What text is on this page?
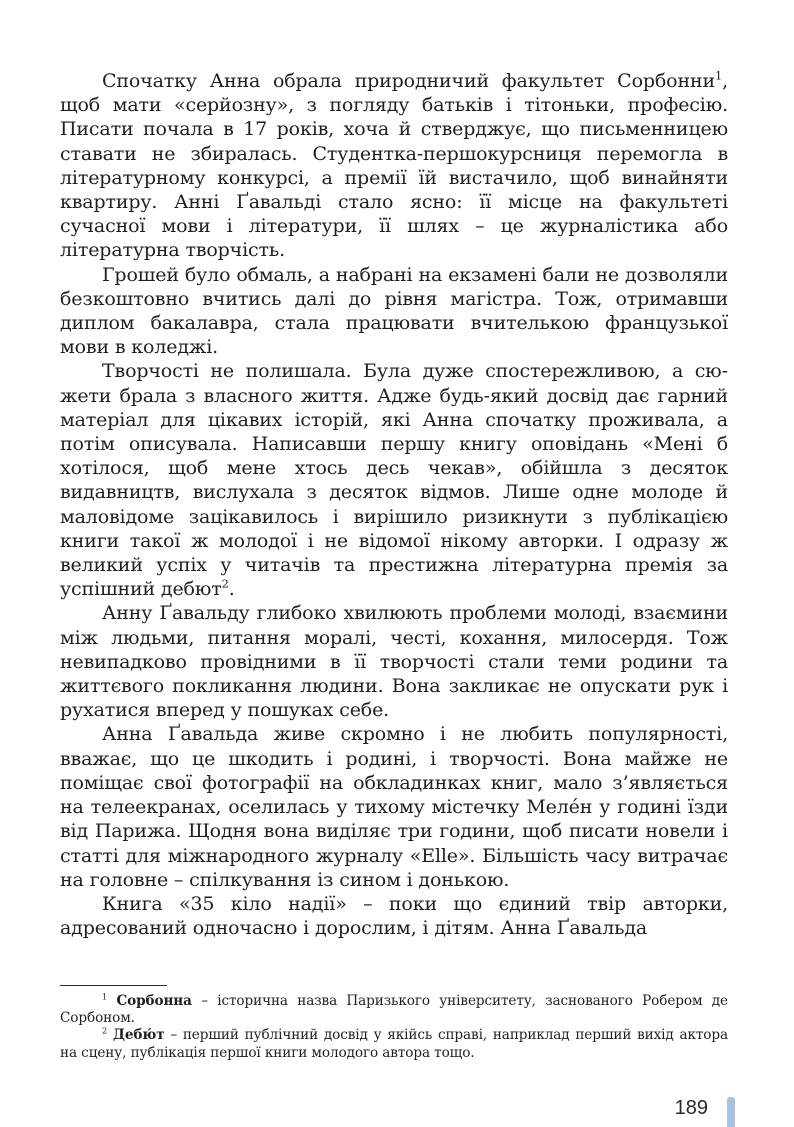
Спочатку Анна обрала природничий факультет Сорбонни$^1$, щоб мати «серйозну», з погляду батьків і тітоньки, професію. Писати почала в 17 років, хоча й стверджує, що письменницею ставати не збиралась. Студентка-першокурсниця перемогла в літературному конкурсі, а премії їй вистачило, щоб винайняти квартиру. Анні Ґавальді стало ясно: її місце на факультеті сучасної мови і літератури, її шлях – це журналістика або літературна творчість.

Грошей було обмаль, а набрані на екзамені бали не дозволяли безкоштовно вчитись далі до рівня магістра. Тож, отримавши диплом бакалавра, стала працювати вчителькою французької мови в коледжі.

Творчості не полишала. Була дуже спостережливою, а сюжети брала з власного життя. Адже будь-який досвід дає гарний матеріал для цікавих історій, які Анна спочатку проживала, а потім описувала. Написавши першу книгу оповідань «Мені б хотілося, щоб мене хтось десь чекав», обійшла з десяток видавництв, вислухала з десяток відмов. Лише одне молоде й маловідоме зацікавилось і вирішило ризикнути з публікацією книги такої ж молодої і не відомої нікому авторки. І одразу ж великий успіх у читачів та престижна літературна премія за успішний дебют$^2$.

Анну Ґавальду глибоко хвилюють проблеми молоді, взаємини між людьми, питання моралі, честі, кохання, милосердя. Тож невипадково провідними в її творчості стали теми родини та життєвого покликання людини. Вона закликає не опускати рук і рухатися вперед у пошуках себе.

Анна Ґавальда живе скромно і не любить популярності, вважає, що це шкодить і родині, і творчості. Вона майже не поміщає свої фотографії на обкладинках книг, мало з’являється на телеекранах, оселилась у тихому містечку Мелéн у годині їзди від Парижа. Щодня вона виділяє три години, щоб писати новели і статті для міжнародного журналу «Elle». Більшість часу витрачає на головне – спілкування із сином і донькою.

Книга «35 кіло надії» – поки що єдиний твір авторки, адресований одночасно і дорослим, і дітям. Анна Ґавальда

$^1$ Сорбонна – історична назва Паризького університету, заснованого Робером де Сорбоном.

$^2$ Дебю́т – перший публічний досвід у якійсь справі, наприклад перший вихід актора на сцену, публікація першої книги молодого автора тощо.

189
